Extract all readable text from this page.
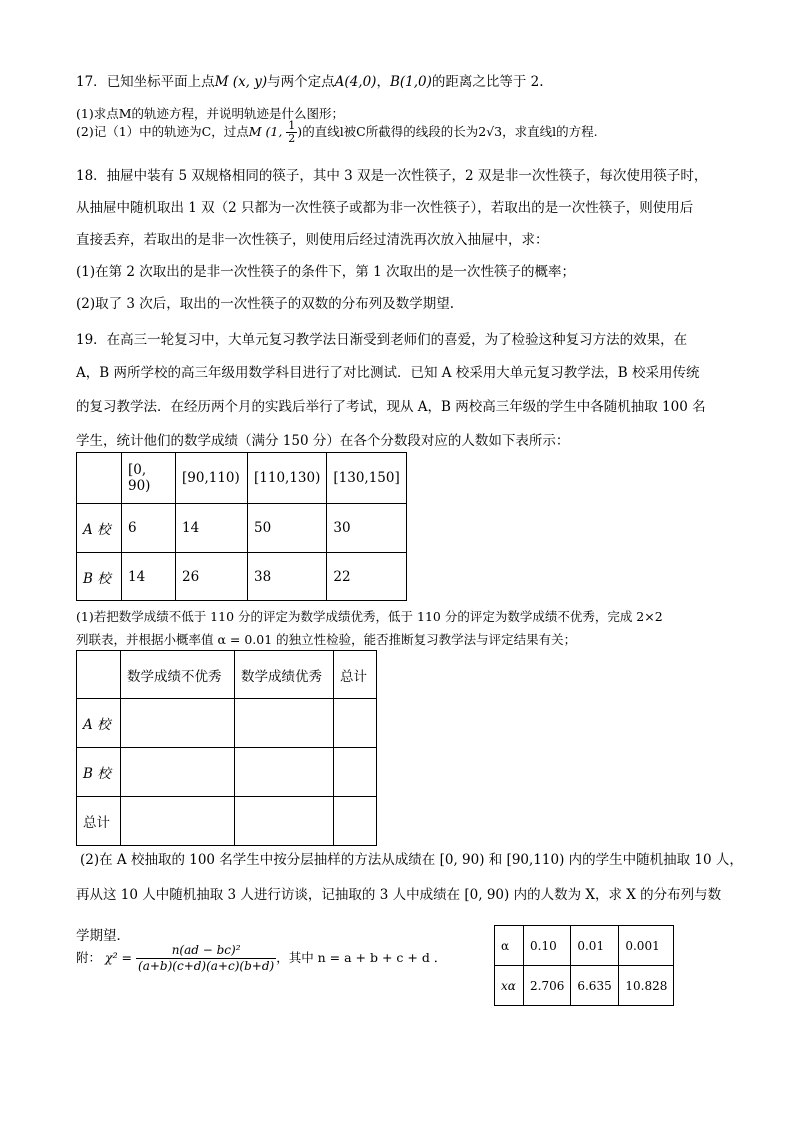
17．已知坐标平面上点M (x, y)与两个定点A(4,0)，B(1,0)的距离之比等于 2.
(1)求点M的轨迹方程，并说明轨迹是什么图形；
(2)记（1）中的轨迹为C，过点M (1, $\frac{1}{2}$ )的直线l被C所截得的线段的长为2√3，求直线l的方程.
18．抽屉中装有 5 双规格相同的筷子，其中 3 双是一次性筷子，2 双是非一次性筷子，每次使用筷子时，
从抽屉中随机取出 1 双（2 只都为一次性筷子或都为非一次性筷子），若取出的是一次性筷子，则使用后
直接丢弃，若取出的是非一次性筷子，则使用后经过清洗再次放入抽屉中，求：
(1)在第 2 次取出的是非一次性筷子的条件下，第 1 次取出的是一次性筷子的概率；
(2)取了 3 次后，取出的一次性筷子的双数的分布列及数学期望.
19．在高三一轮复习中，大单元复习教学法日渐受到老师们的喜爱，为了检验这种复习方法的效果，在
A，B 两所学校的高三年级用数学科目进行了对比测试．已知 A 校采用大单元复习教学法，B 校采用传统
的复习教学法．在经历两个月的实践后举行了考试，现从 A，B 两校高三年级的学生中各随机抽取 100 名
学生，统计他们的数学成绩（满分 150 分）在各个分数段对应的人数如下表所示：
	[0, 90)	[90,110)	[110,130)	[130,150]
A 校	6	14	50	30
B 校	14	26	38	22
(1)若把数学成绩不低于 110 分的评定为数学成绩优秀，低于 110 分的评定为数学成绩不优秀，完成 2×2
列联表，并根据小概率值 α = 0.01 的独立性检验，能否推断复习教学法与评定结果有关；
	数学成绩不优秀	数学成绩优秀	总计
A 校			
B 校			
总计			
(2)在 A 校抽取的 100 名学生中按分层抽样的方法从成绩在 [0, 90) 和 [90,110) 内的学生中随机抽取 10 人，
再从这 10 人中随机抽取 3 人进行访谈，记抽取的 3 人中成绩在 [0, 90) 内的人数为 X，求 X 的分布列与数
学期望．
附： $\chi^2 = \frac{\text{n(ad − bc)²}}{(a+b)(c+d)(a+c)(b+d)}$ ，其中 n = a + b + c + d ．
α	0.10	0.01	0.001
xα	2.706	6.635	10.828
